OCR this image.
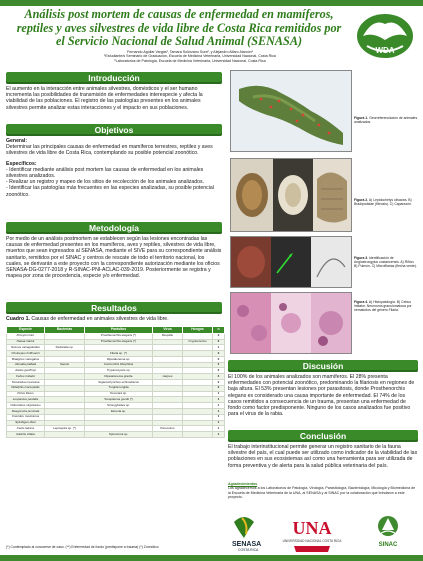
Análisis post mortem de causas de enfermedad en mamíferos, reptiles y aves silvestres de vida libre de Costa Rica remitidos por el Servicio Nacional de Salud Animal (SENASA)
Fernando Aguilar Vargas¹, Tamara Solórzano Sura², y Alejandro Alfaro Alarcón¹
¹Estudiante/s Seminario de Graduación, Escuela de Medicina Veterinaria, Universidad Nacional, Costa Rica
²Laboratorios de Patología, Escuela de Medicina Veterinaria, Universidad Nacional, Costa Rica
WDA
Introducción
El aumento en la interacción entre animales silvestres, domésticos y el ser humano incrementa las posibilidades de transmisión de enfermedades interespecie y afecta la viabilidad de las poblaciones. El registro de las patologías presentes en los animales silvestres permite analizar estas interacciones y el impacto en sus poblaciones.
Objetivos

General:

Determinar las principales causas de enfermedad en mamíferos terrestres, reptiles y aves silvestres de vida libre de Costa Rica, contemplando su posible potencial zoonótico.

Específicos:

- Identificar mediante análisis post mortem las causas de enfermedad en los animales silvestres analizados.

- Realizar un registro y mapeo de los sitios de recolección de los animales analizados.

- Identificar las patologías más frecuentes en las especies analizadas, su posible potencial zoonótico.

Metodología
Por medio de un análisis postmortem se establecen según las lesiones encontradas las causas de enfermedad presentes en los mamíferos, aves y reptiles, silvestres de vida libre, muertos que sean ingresados al SENASA, mediante el SIVE para su correspondiente análisis sanitario, remitidos por el SINAC y centros de rescate de todo el territorio nacional, los cuales, se derivarán a este proyecto con la correspondiente autorización mediante los oficios SENASA-DG-0277-2018 y R-SINAC-PNI-ACLAC-039-2019. Posteriormente se registra y mapea por zona de procedencia, especie y/o enfermedad.
Resultados
Cuadro 1. Causas de enfermedad en animales silvestres de vida libre.
Especie	Bacterias	Parásitos	Virus	Hongos	n
Procyon lotor		Prosthenorchis elegans (*)	Moquillo		3
Nasua narica		Prosthenorchis elegans (*)		Cryptococcus	2
Sciurus variegatoides	Klebsiella sp.				1
Choloepus hoffmanni		Filaria sp. (*)			3
Bradypus variegatus		Dipetalonema sp.			2
Alouatta palliata	Sepsis	Controrchis biliophilus			4
Ateles geoffroyi		Trypanoxyuris sp.			2
Cebus imitator		Dipetalonema gracile	Herpes		3
Tamandua mexicana		Gigantorhynchus echinodiscus			2
Didelphis marsupialis		Turgida turgida			2
Potos flavus		Toxocara sp.			1
Leopardus pardalis		Toxoplasma gondii (*)			1
Odocoileus virginianus		Strongyloides sp.			1
Dasyprocta punctata		Eimeria sp.			1
Coendou mexicanus					1
Sylvilagus dicei					1
Canis latrans	Leptospira sp. (*)		Parvovirus		1
Galictis vittata		Spirocerca sp.			1
(*) Contemplado al conocerse de caso. (**) Enfermedad de fondo (predispone a trauma) (*) Zoonótico
Figura 1. Georreferenciación de animales analizados.
Figura 2. A) Lepidochelys olivacea. B) Bradipodidae (fibrosis). C) Caparazón.
Figura 3. Identificación de Angiostrongylus costaricensis. A) Riñón. B) Pulmón. C) Microfilarias (flecha verde).
Figura 4. A) Histopatología. B) Cebus imitator. Neumonía granulomatosa por nematodos del género Filaria.
Discusión
El 100% de los animales analizados son mamíferos. El 28% presenta enfermedades con potencial zoonótico, predominando la filariosis en regiones de baja altura. El 53% presentan lesiones por parasitosis, donde Prosthenorchis elegans es considerado una causa importante de enfermedad. El 74% de los casos remitidos a consecuencia de un trauma, presentan una enfermedad de fondo como factor predisponente. Ninguno de los casos analizados fue positivo para el virus de la rabia.
Conclusión
El trabajo interinstitucional permite generar un registro sanitario de la fauna silvestre del país, el cual puede ser utilizado como indicador de la viabilidad de las poblaciones en sus ecosistemas así como una herramienta para ser utilizada de forma preventiva y de alerta para la salud pública veterinaria del país.
Agradecimientos
Los agradecemos a los Laboratorios de Patología, Virología, Parasitología, Bacteriología, Micología y Biomedicina de la Escuela de Medicina Veterinaria de la UNA, al SENASA y al SINAC por la colaboración que brindaron a este proyecto.
SENASA
COSTA RICA
UNA
UNIVERSIDAD NACIONAL COSTA RICA
SINAC
